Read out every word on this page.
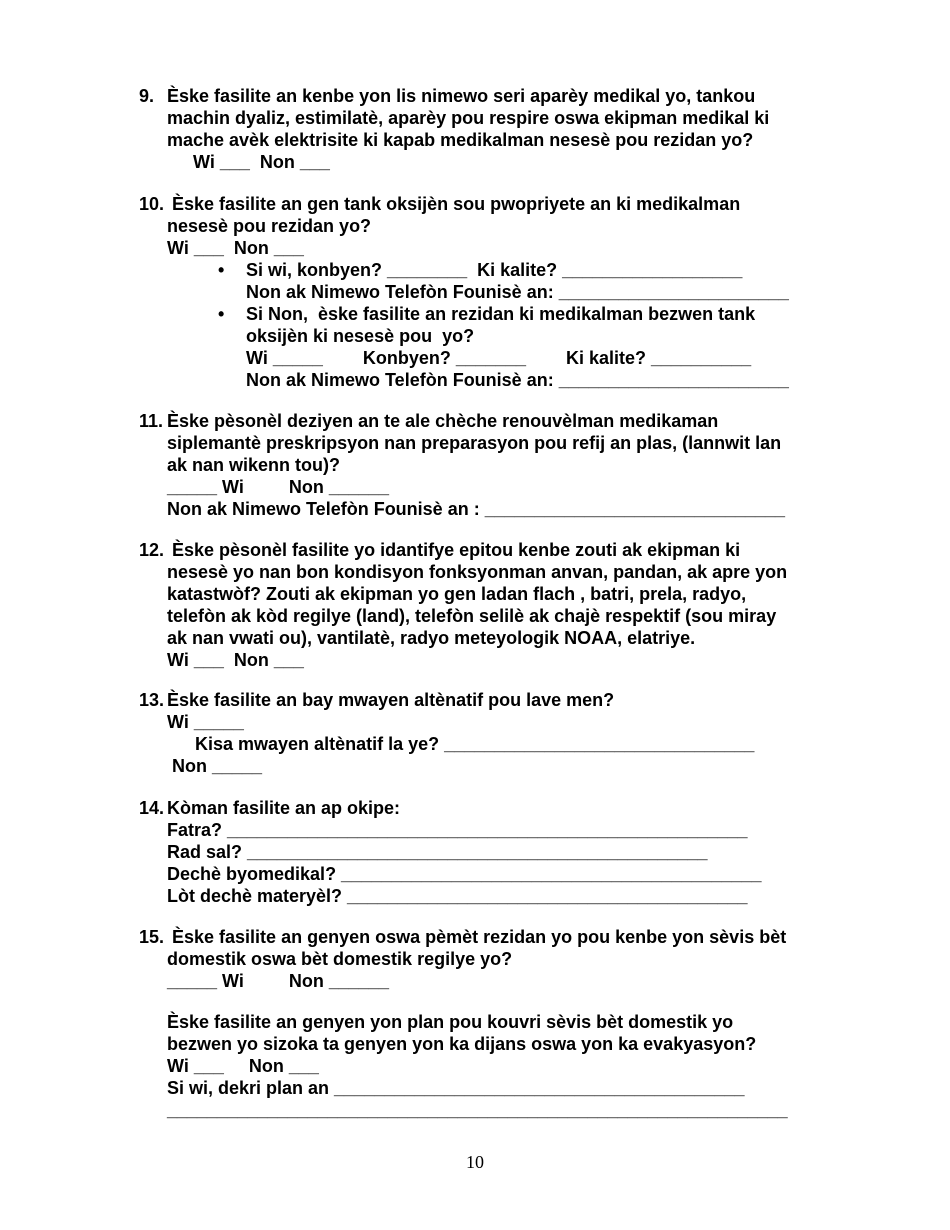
9. Èske fasilite an kenbe yon lis nimewo seri aparèy medikal yo, tankou
machin dyaliz, estimilatè, aparèy pou respire oswa ekipman medikal ki
mache avèk elektrisite ki kapab medikalman nesesè pou rezidan yo?
Wi ___  Non ___
10. Èske fasilite an gen tank oksijèn sou pwopriyete an ki medikalman
nesesè pou rezidan yo?
Wi ___  Non ___
• Si wi, konbyen? ________  Ki kalite? __________________
Non ak Nimewo Telefòn Founisè an: _______________________
• Si Non,  èske fasilite an rezidan ki medikalman bezwen tank
oksijèn ki nesesè pou  yo?
Wi _____        Konbyen? _______        Ki kalite? __________
Non ak Nimewo Telefòn Founisè an: _______________________
11. Èske pèsonèl deziyen an te ale chèche renouvèlman medikaman
siplemantè preskripsyon nan preparasyon pou refij an plas, (lannwit lan
ak nan wikenn tou)?
_____ Wi         Non ______
Non ak Nimewo Telefòn Founisè an : ______________________________
12. Èske pèsonèl fasilite yo idantifye epitou kenbe zouti ak ekipman ki
nesesè yo nan bon kondisyon fonksyonman anvan, pandan, ak apre yon
katastwòf? Zouti ak ekipman yo gen ladan flach , batri, prela, radyo,
telefòn ak kòd regilye (land), telefòn selilè ak chajè respektif (sou miray
ak nan vwati ou), vantilatè, radyo meteyologik NOAA, elatriye.
Wi ___  Non ___
13. Èske fasilite an bay mwayen altènatif pou lave men?
Wi _____
Kisa mwayen altènatif la ye? _______________________________
Non _____
14. Kòman fasilite an ap okipe:
Fatra? ____________________________________________________
Rad sal? ______________________________________________
Dechè byomedikal? __________________________________________
Lòt dechè materyèl? ________________________________________
15. Èske fasilite an genyen oswa pèmèt rezidan yo pou kenbe yon sèvis bèt
domestik oswa bèt domestik regilye yo?
_____ Wi         Non ______
Èske fasilite an genyen yon plan pou kouvri sèvis bèt domestik yo
bezwen yo sizoka ta genyen yon ka dijans oswa yon ka evakyasyon?
Wi ___     Non ___
Si wi, dekri plan an _________________________________________
______________________________________________________________
10
